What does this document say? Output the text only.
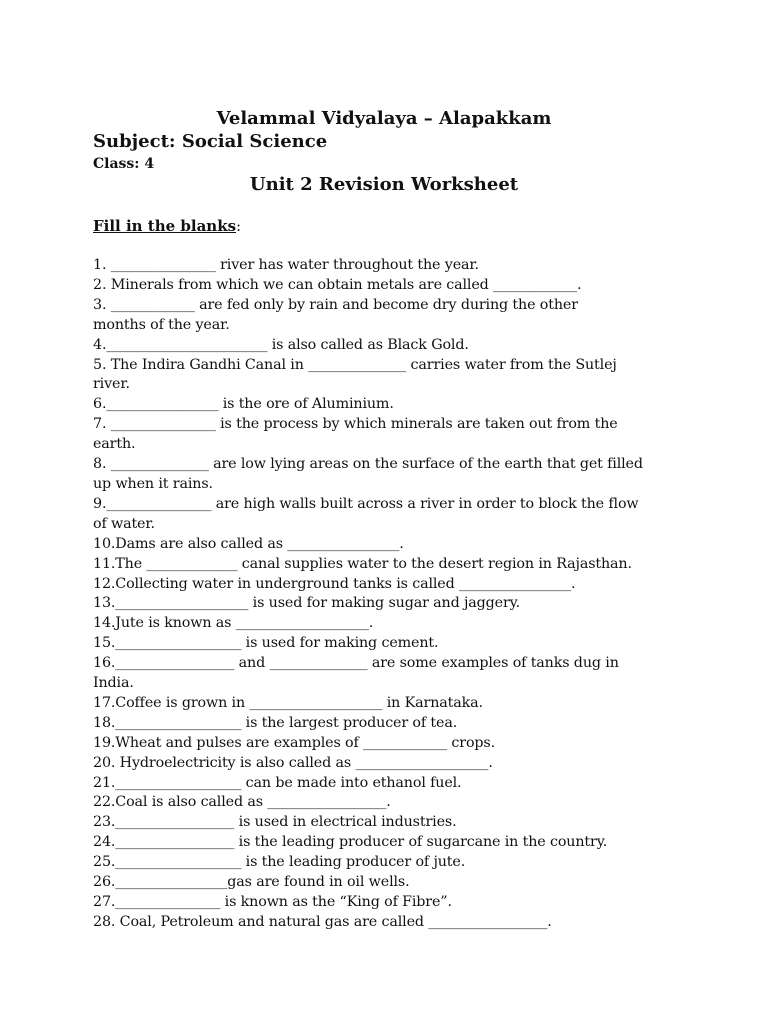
Velammal Vidyalaya – Alapakkam
Subject: Social Science
Class: 4
Unit 2 Revision Worksheet
Fill in the blanks:
1. _______________ river has water throughout the year.
2. Minerals from which we can obtain metals are called ____________.
3. ____________ are fed only by rain and become dry during the other
months of the year.
4._______________________ is also called as Black Gold.
5. The Indira Gandhi Canal in ______________ carries water from the Sutlej
river.
6.________________ is the ore of Aluminium.
7. _______________ is the process by which minerals are taken out from the
earth.
8. ______________ are low lying areas on the surface of the earth that get filled
up when it rains.
9._______________ are high walls built across a river in order to block the flow
of water.
10.Dams are also called as ________________.
11.The _____________ canal supplies water to the desert region in Rajasthan.
12.Collecting water in underground tanks is called ________________.
13.___________________ is used for making sugar and jaggery.
14.Jute is known as ___________________.
15.__________________ is used for making cement.
16._________________ and ______________ are some examples of tanks dug in
India.
17.Coffee is grown in ___________________ in Karnataka.
18.__________________ is the largest producer of tea.
19.Wheat and pulses are examples of ____________ crops.
20. Hydroelectricity is also called as ___________________.
21.__________________ can be made into ethanol fuel.
22.Coal is also called as _________________.
23._________________ is used in electrical industries.
24._________________ is the leading producer of sugarcane in the country.
25.__________________ is the leading producer of jute.
26.________________gas are found in oil wells.
27._______________ is known as the “King of Fibre”.
28. Coal, Petroleum and natural gas are called _________________.
